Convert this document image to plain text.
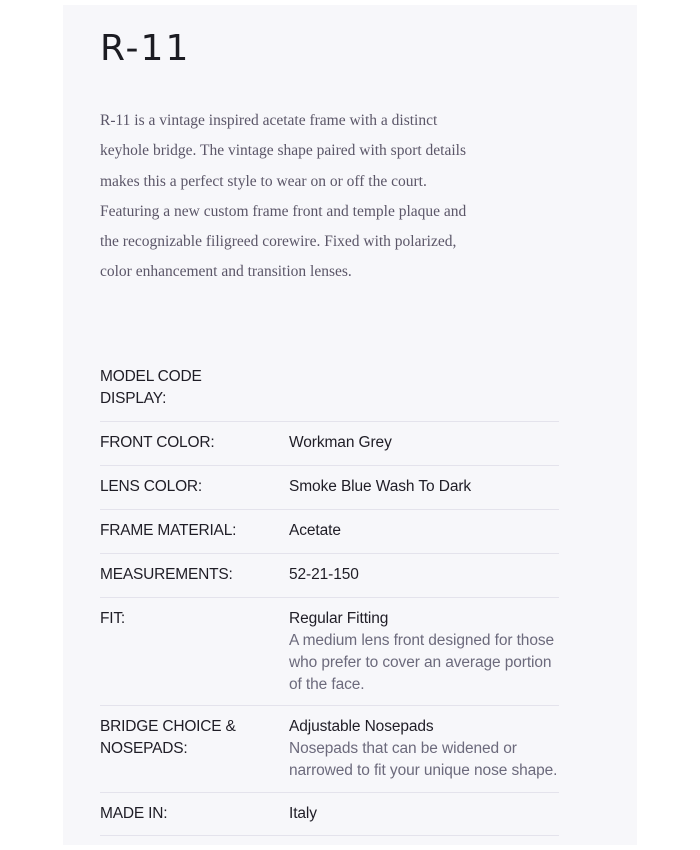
R-11

R-11 is a vintage inspired acetate frame with a distinct keyhole bridge. The vintage shape paired with sport details makes this a perfect style to wear on or off the court. Featuring a new custom frame front and temple plaque and the recognizable filigreed corewire. Fixed with polarized, color enhancement and transition lenses.

MODEL CODE DISPLAY:
FRONT COLOR:	Workman Grey
LENS COLOR:	Smoke Blue Wash To Dark
FRAME MATERIAL:	Acetate
MEASUREMENTS:	52-21-150
FIT:	Regular Fitting
A medium lens front designed for those who prefer to cover an average portion of the face.
BRIDGE CHOICE & NOSEPADS:
Adjustable Nosepads
Nosepads that can be widened or narrowed to fit your unique nose shape.
MADE IN:	Italy
